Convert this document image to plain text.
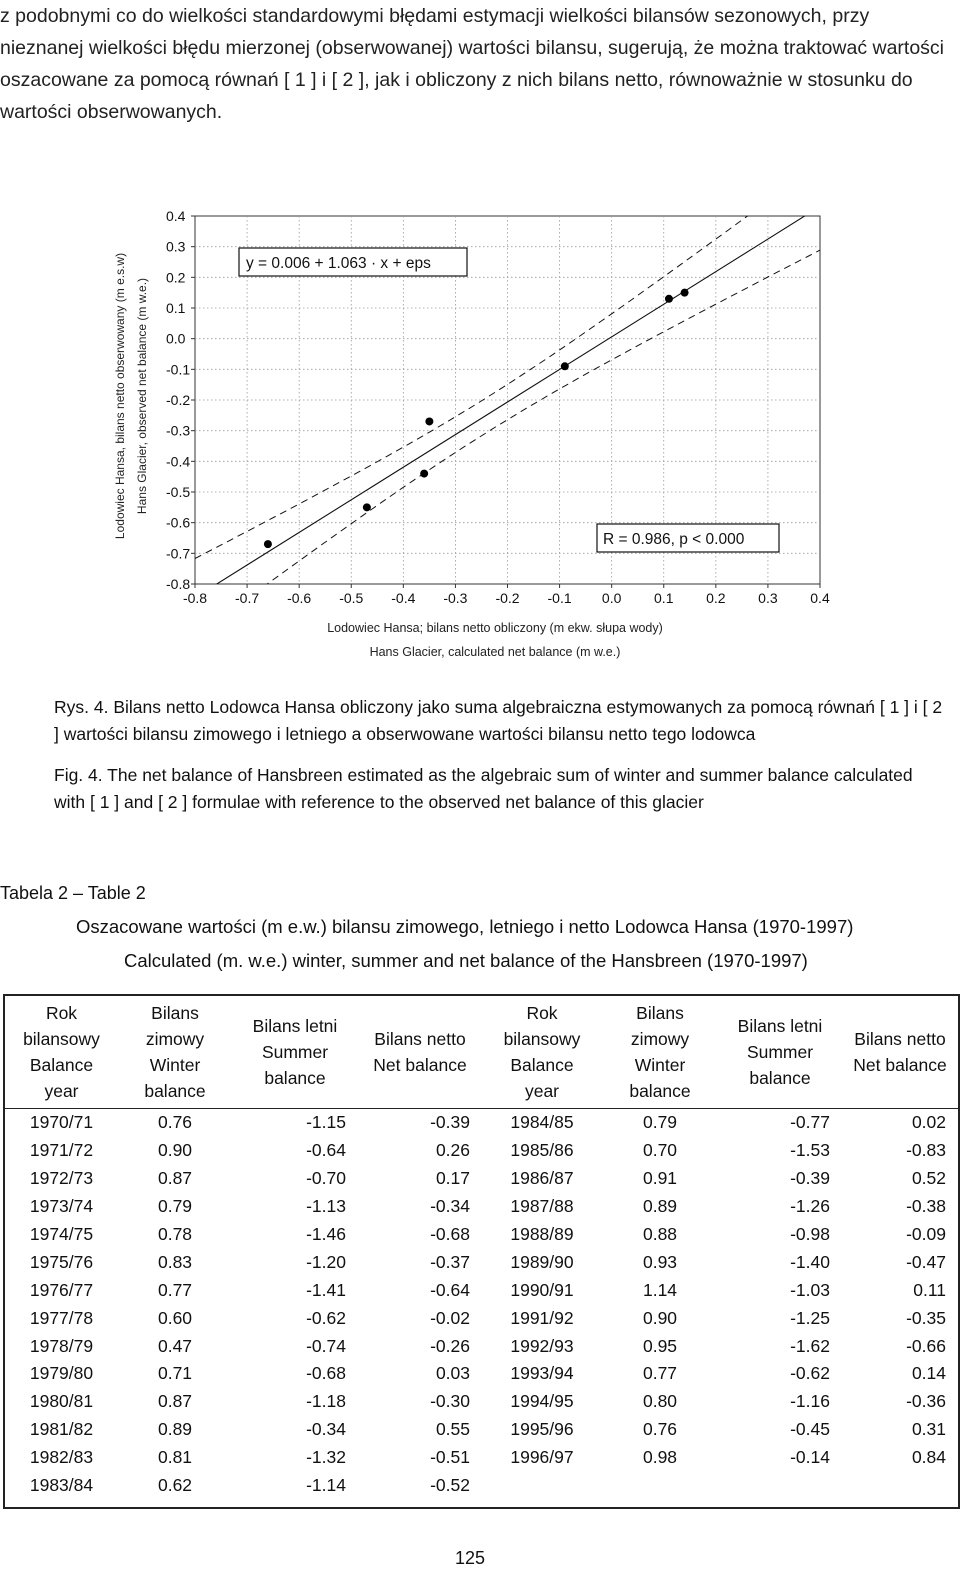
z podobnymi co do wielkości standardowymi błędami estymacji wielkości bilansów sezonowych, przy nieznanej wielkości błędu mierzonej (obserwowanej) wartości bilansu, sugerują, że można traktować wartości oszacowane za pomocą równań [ 1 ] i [ 2 ], jak i obliczony z nich bilans netto, równoważnie w stosunku do wartości obserwowanych.

-0.8 -0.7 -0.6 -0.5 -0.4 -0.3 -0.2 -0.1 0.0 0.1 0.2 0.3 0.4
0.4
0.3
0.2
0.1
0.0
-0.1
-0.2
-0.3
-0.4
-0.5
-0.6
-0.7
-0.8
y = 0.006 + 1.063 · x + eps
R = 0.986, p < 0.000
Lodowiec Hansa; bilans netto obliczony (m ekw. słupa wody)
Hans Glacier, calculated net balance (m w.e.)
Lodowiec Hansa, bilans netto obserwowany (m e.s.w) Hans Glacier, observed net balance (m w.e.)

Rys. 4. Bilans netto Lodowca Hansa obliczony jako suma algebraiczna estymowanych za pomocą równań [ 1 ] i [ 2 ] wartości bilansu zimowego i letniego a obserwowane wartości bilansu netto tego lodowca

Fig. 4. The net balance of Hansbreen estimated as the algebraic sum of winter and summer balance calculated with [ 1 ] and [ 2 ] formulae with reference to the observed net balance of this glacier

Tabela 2 – Table 2
Oszacowane wartości (m e.w.) bilansu zimowego, letniego i netto Lodowca Hansa (1970-1997)
Calculated (m. w.e.) winter, summer and net balance of the Hansbreen (1970-1997)
Rok
bilansowy
Balance
year	Bilans
zimowy
Winter
balance	Bilans letni
Summer
balance	Bilans netto
Net balance	Rok
bilansowy
Balance
year	Bilans
zimowy
Winter
balance	Bilans letni
Summer
balance	Bilans netto
Net balance
1970/71	0.76	-1.15	-0.39	1984/85	0.79	-0.77	0.02
1971/72	0.90	-0.64	0.26	1985/86	0.70	-1.53	-0.83
1972/73	0.87	-0.70	0.17	1986/87	0.91	-0.39	0.52
1973/74	0.79	-1.13	-0.34	1987/88	0.89	-1.26	-0.38
1974/75	0.78	-1.46	-0.68	1988/89	0.88	-0.98	-0.09
1975/76	0.83	-1.20	-0.37	1989/90	0.93	-1.40	-0.47
1976/77	0.77	-1.41	-0.64	1990/91	1.14	-1.03	0.11
1977/78	0.60	-0.62	-0.02	1991/92	0.90	-1.25	-0.35
1978/79	0.47	-0.74	-0.26	1992/93	0.95	-1.62	-0.66
1979/80	0.71	-0.68	0.03	1993/94	0.77	-0.62	0.14
1980/81	0.87	-1.18	-0.30	1994/95	0.80	-1.16	-0.36
1981/82	0.89	-0.34	0.55	1995/96	0.76	-0.45	0.31
1982/83	0.81	-1.32	-0.51	1996/97	0.98	-0.14	0.84
1983/84	0.62	-1.14	-0.52				
125
